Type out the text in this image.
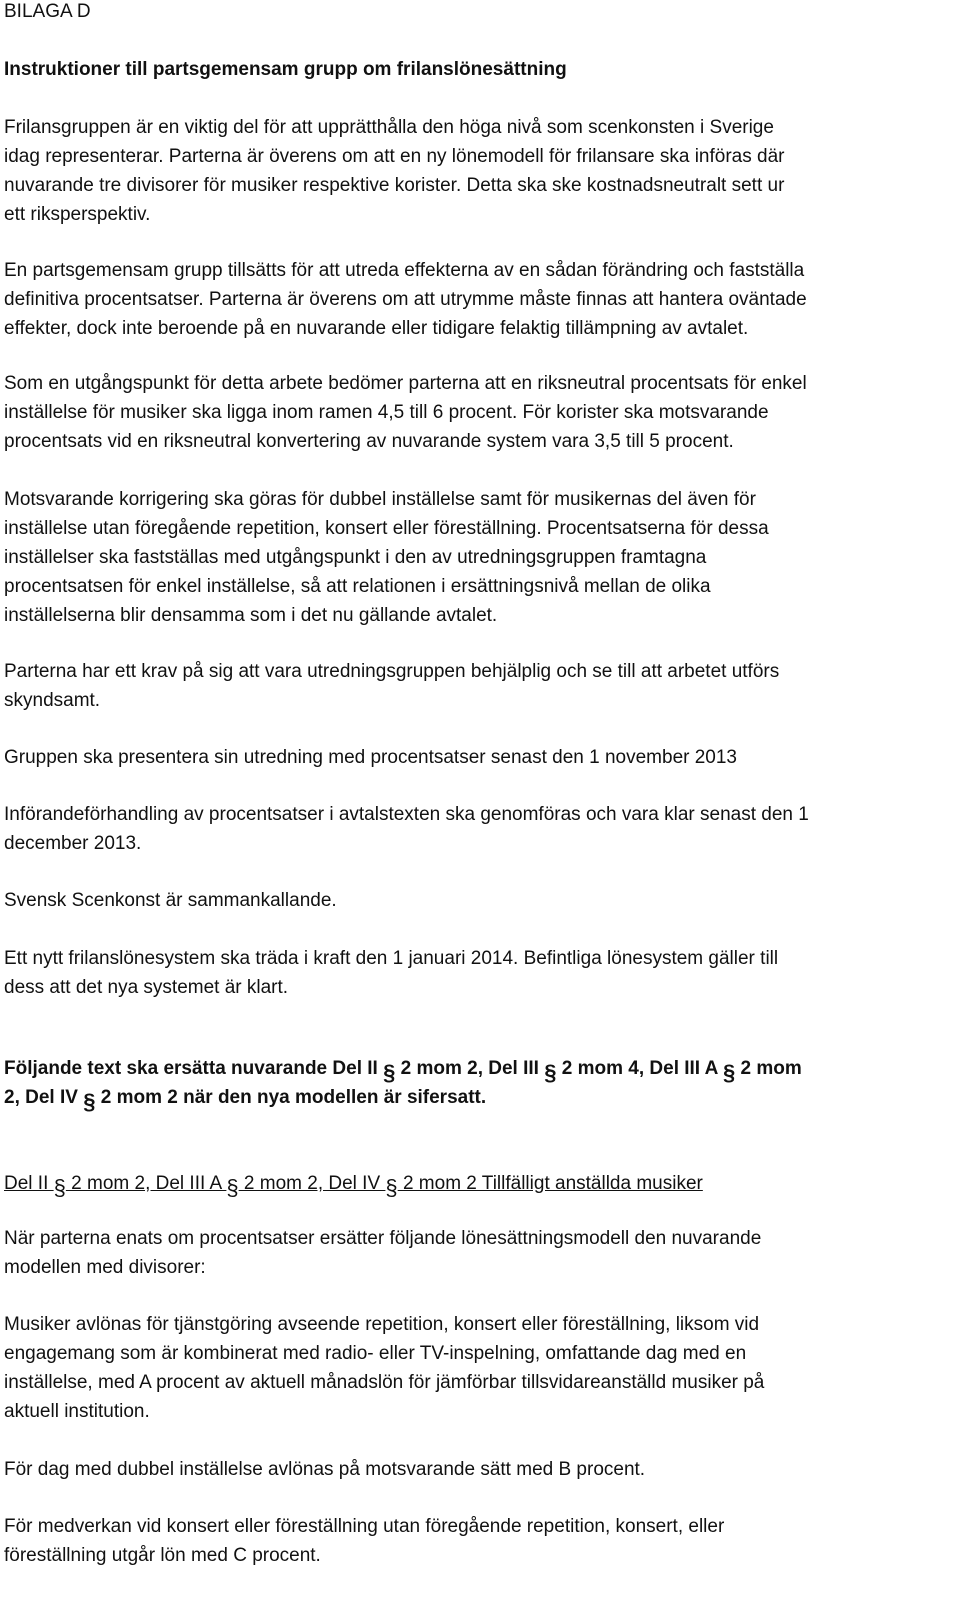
BILAGA D
Instruktioner till partsgemensam grupp om frilanslönesättning
Frilansgruppen är en viktig del för att upprätthålla den höga nivå som scenkonsten i Sverige
idag representerar. Parterna är överens om att en ny lönemodell för frilansare ska införas där
nuvarande tre divisorer för musiker respektive korister. Detta ska ske kostnadsneutralt sett ur
ett riksperspektiv.
En partsgemensam grupp tillsätts för att utreda effekterna av en sådan förändring och fastställa
definitiva procentsatser. Parterna är överens om att utrymme måste finnas att hantera oväntade
effekter, dock inte beroende på en nuvarande eller tidigare felaktig tillämpning av avtalet.
Som en utgångspunkt för detta arbete bedömer parterna att en riksneutral procentsats för enkel
inställelse för musiker ska ligga inom ramen 4,5 till 6 procent. För korister ska motsvarande
procentsats vid en riksneutral konvertering av nuvarande system vara 3,5 till 5 procent.
Motsvarande korrigering ska göras för dubbel inställelse samt för musikernas del även för
inställelse utan föregående repetition, konsert eller föreställning. Procentsatserna för dessa
inställelser ska fastställas med utgångspunkt i den av utredningsgruppen framtagna
procentsatsen för enkel inställelse, så att relationen i ersättningsnivå mellan de olika
inställelserna blir densamma som i det nu gällande avtalet.
Parterna har ett krav på sig att vara utredningsgruppen behjälplig och se till att arbetet utförs
skyndsamt.
Gruppen ska presentera sin utredning med procentsatser senast den 1 november 2013
Införandeförhandling av procentsatser i avtalstexten ska genomföras och vara klar senast den 1
december 2013.
Svensk Scenkonst är sammankallande.
Ett nytt frilanslönesystem ska träda i kraft den 1 januari 2014. Befintliga lönesystem gäller till
dess att det nya systemet är klart.
Följande text ska ersätta nuvarande Del II § 2 mom 2, Del III § 2 mom 4, Del III A § 2 mom
2, Del IV § 2 mom 2 när den nya modellen är sifersatt.
Del II § 2 mom 2, Del III A § 2 mom 2, Del IV § 2 mom 2 Tillfälligt anställda musiker
När parterna enats om procentsatser ersätter följande lönesättningsmodell den nuvarande
modellen med divisorer:
Musiker avlönas för tjänstgöring avseende repetition, konsert eller föreställning, liksom vid
engagemang som är kombinerat med radio- eller TV-inspelning, omfattande dag med en
inställelse, med A procent av aktuell månadslön för jämförbar tillsvidareanställd musiker på
aktuell institution.
För dag med dubbel inställelse avlönas på motsvarande sätt med B procent.
För medverkan vid konsert eller föreställning utan föregående repetition, konsert, eller
föreställning utgår lön med C procent.
